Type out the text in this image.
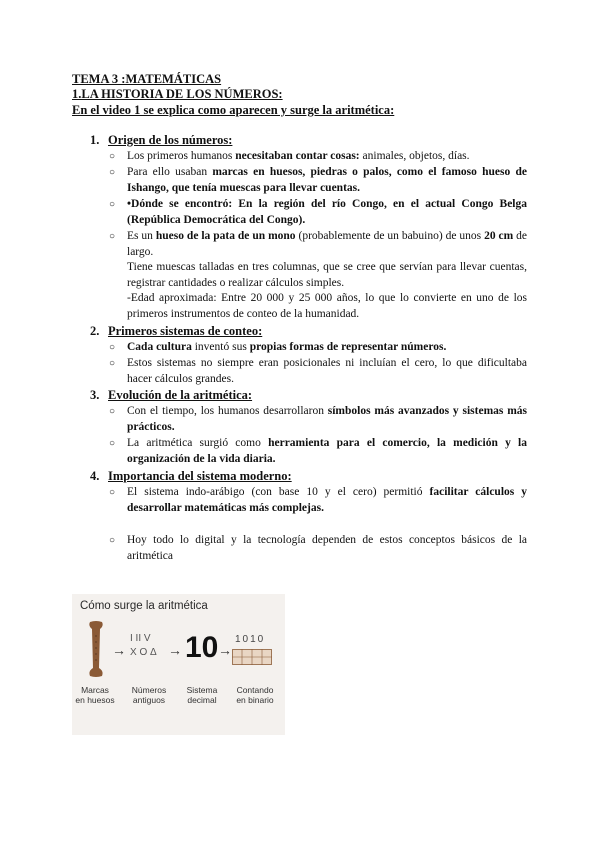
TEMA 3 :MATEMÁTICAS
1.LA HISTORIA DE LOS NÚMEROS:
En el video 1 se explica como aparecen y surge la aritmética:
1. Origen de los números:
○ Los primeros humanos necesitaban contar cosas: animales, objetos, días.
○ Para ello usaban marcas en huesos, piedras o palos, como el famoso hueso de Ishango, que tenía muescas para llevar cuentas.
○ •Dónde se encontró: En la región del río Congo, en el actual Congo Belga (República Democrática del Congo).
○ Es un hueso de la pata de un mono (probablemente de un babuino) de unos 20 cm de largo.
Tiene muescas talladas en tres columnas, que se cree que servían para llevar cuentas, registrar cantidades o realizar cálculos simples.
-Edad aproximada: Entre 20 000 y 25 000 años, lo que lo convierte en uno de los primeros instrumentos de conteo de la humanidad.
2. Primeros sistemas de conteo:
○ Cada cultura inventó sus propias formas de representar números.
○ Estos sistemas no siempre eran posicionales ni incluían el cero, lo que dificultaba hacer cálculos grandes.
3. Evolución de la aritmética:
○ Con el tiempo, los humanos desarrollaron símbolos más avanzados y sistemas más prácticos.
○ La aritmética surgió como herramienta para el comercio, la medición y la organización de la vida diaria.
4. Importancia del sistema moderno:
○ El sistema indo-arábigo (con base 10 y el cero) permitió facilitar cálculos y desarrollar matemáticas más complejas.
○ Hoy todo lo digital y la tecnología dependen de estos conceptos básicos de la aritmética
Cómo surge la aritmética
→
I II V
X O Δ → 10 →
1010
Marcas
en huesos
Números
antiguos
Sistema
decimal
Contando
en binario
